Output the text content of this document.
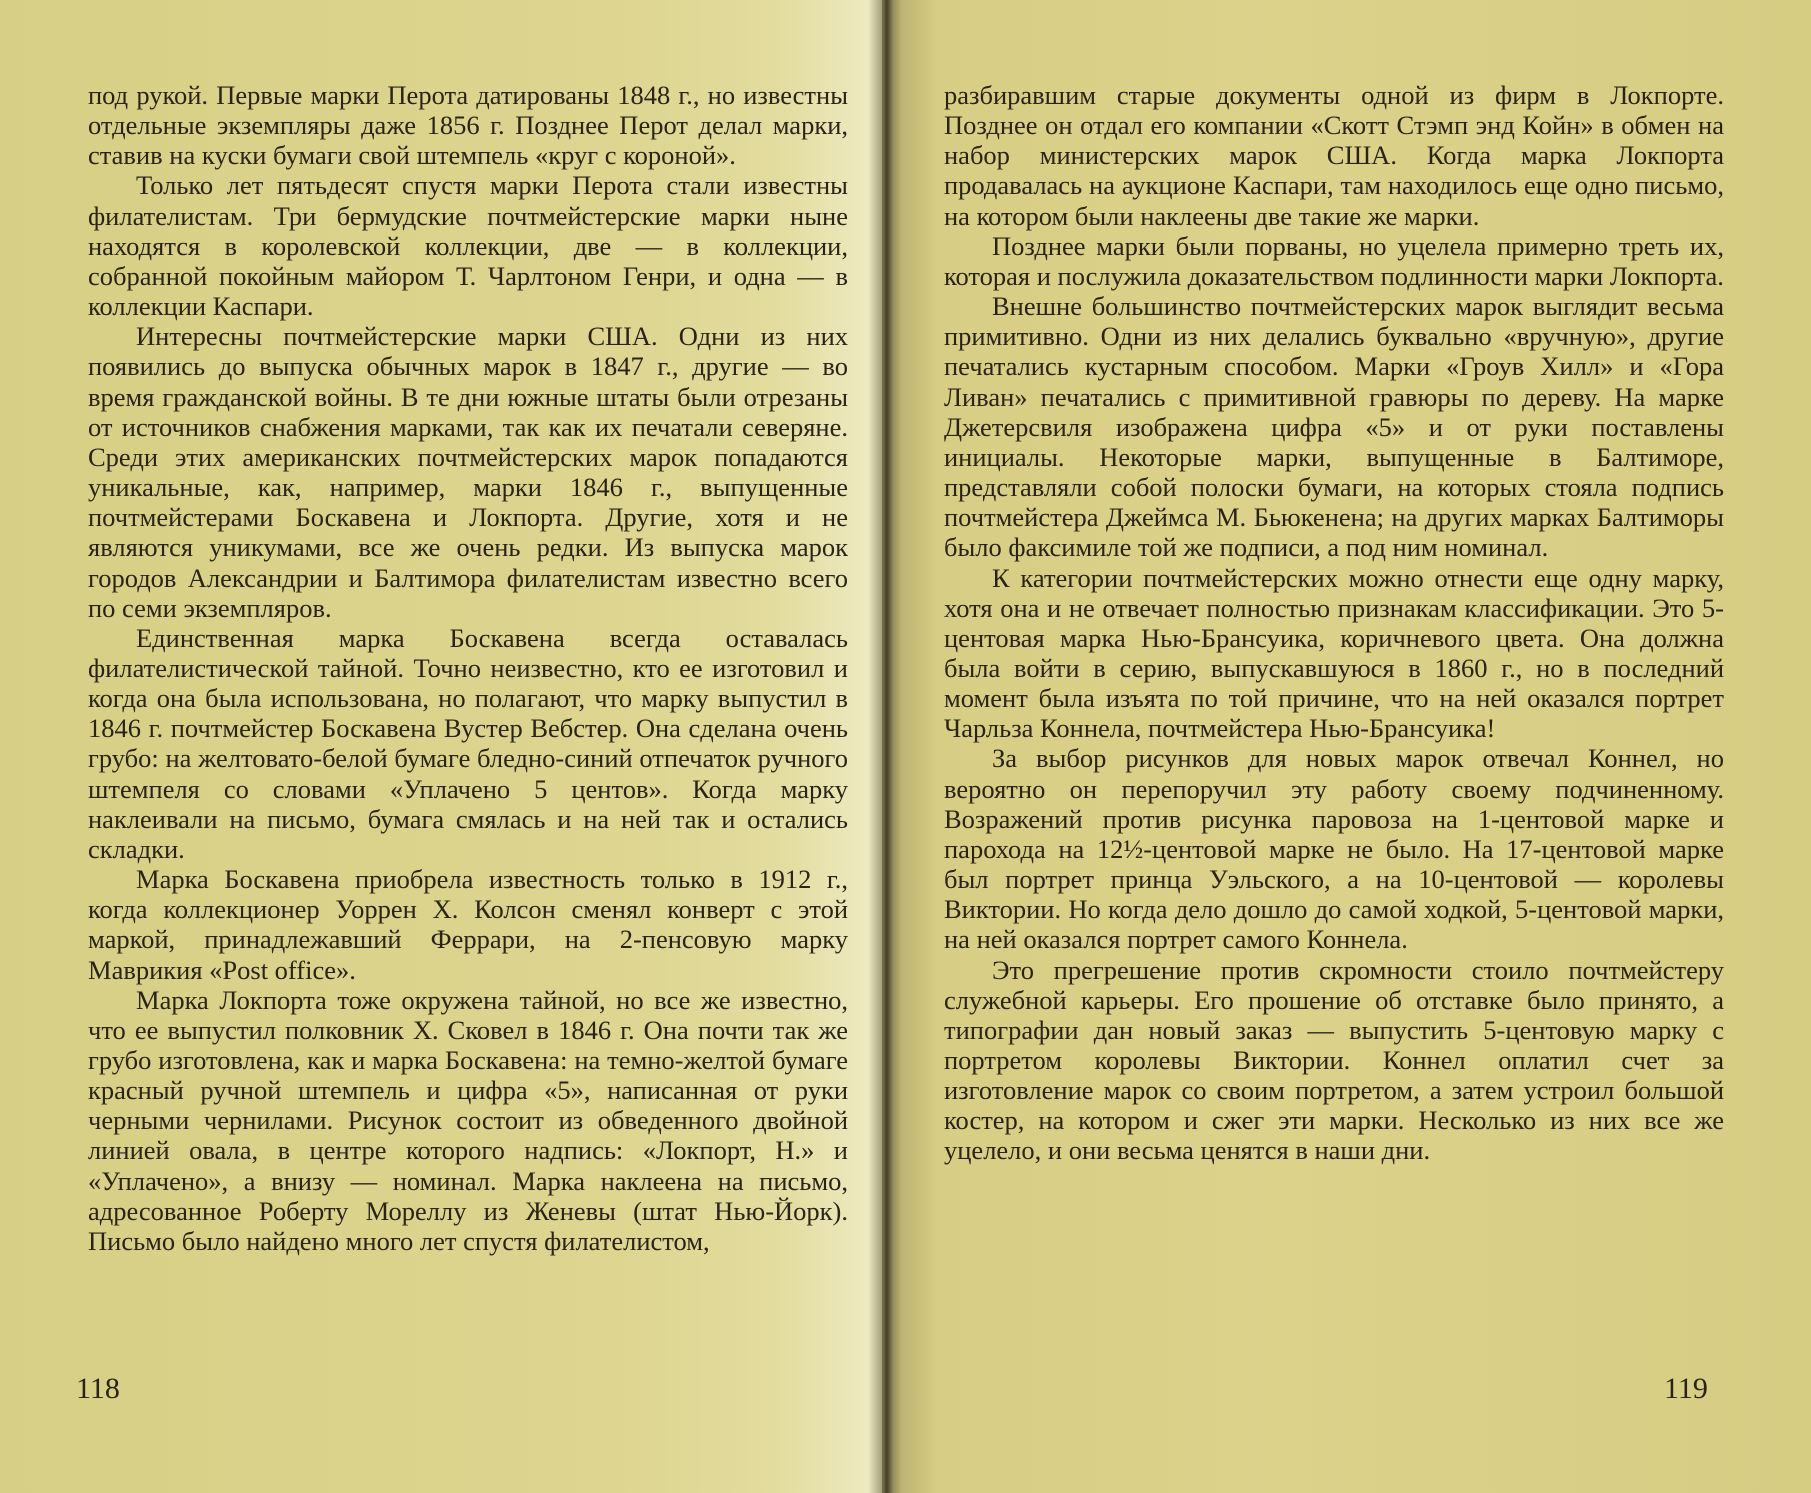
под рукой. Первые марки Перота датированы 1848 г., но известны отдельные экземпляры даже 1856 г. Позднее Перот делал марки, ставив на куски бумаги свой штемпель «круг с короной».

Только лет пятьдесят спустя марки Перота стали известны филателистам. Три бермудские почтмейстерские марки ныне находятся в королевской коллекции, две — в коллекции, собранной покойным майором Т. Чарлтоном Генри, и одна — в коллекции Каспари.

Интересны почтмейстерские марки США. Одни из них появились до выпуска обычных марок в 1847 г., другие — во время гражданской войны. В те дни южные штаты были отрезаны от источников снабжения марками, так как их печатали северяне. Среди этих американских почтмейстерских марок попадаются уникальные, как, например, марки 1846 г., выпущенные почтмейстерами Боскавена и Локпорта. Другие, хотя и не являются уникумами, все же очень редки. Из выпуска марок городов Александрии и Балтимора филателистам известно всего по семи экземпляров.

Единственная марка Боскавена всегда оставалась филателистической тайной. Точно неизвестно, кто ее изготовил и когда она была использована, но полагают, что марку выпустил в 1846 г. почтмейстер Боскавена Вустер Вебстер. Она сделана очень грубо: на желтовато-белой бумаге бледно-синий отпечаток ручного штемпеля со словами «Уплачено 5 центов». Когда марку наклеивали на письмо, бумага смялась и на ней так и остались складки.

Марка Боскавена приобрела известность только в 1912 г., когда коллекционер Уоррен Х. Колсон сменял конверт с этой маркой, принадлежавший Феррари, на 2-пенсовую марку Маврикия «Post office».

Марка Локпорта тоже окружена тайной, но все же известно, что ее выпустил полковник Х. Сковел в 1846 г. Она почти так же грубо изготовлена, как и марка Боскавена: на темно-желтой бумаге красный ручной штемпель и цифра «5», написанная от руки черными чернилами. Рисунок состоит из обведенного двойной линией овала, в центре которого надпись: «Локпорт, Н.» и «Уплачено», а внизу — номинал. Марка наклеена на письмо, адресованное Роберту Мореллу из Женевы (штат Нью-Йорк). Письмо было найдено много лет спустя филателистом,

118

разбиравшим старые документы одной из фирм в Локпорте. Позднее он отдал его компании «Скотт Стэмп энд Койн» в обмен на набор министерских марок США. Когда марка Локпорта продавалась на аукционе Каспари, там находилось еще одно письмо, на котором были наклеены две такие же марки.

Позднее марки были порваны, но уцелела примерно треть их, которая и послужила доказательством подлинности марки Локпорта.

Внешне большинство почтмейстерских марок выглядит весьма примитивно. Одни из них делались буквально «вручную», другие печатались кустарным способом. Марки «Гроув Хилл» и «Гора Ливан» печатались с примитивной гравюры по дереву. На марке Джетерсвиля изображена цифра «5» и от руки поставлены инициалы. Некоторые марки, выпущенные в Балтиморе, представляли собой полоски бумаги, на которых стояла подпись почтмейстера Джеймса М. Бьюкенена; на других марках Балтиморы было факсимиле той же подписи, а под ним номинал.

К категории почтмейстерских можно отнести еще одну марку, хотя она и не отвечает полностью признакам классификации. Это 5-центовая марка Нью-Брансуика, коричневого цвета. Она должна была войти в серию, выпускавшуюся в 1860 г., но в последний момент была изъята по той причине, что на ней оказался портрет Чарльза Коннела, почтмейстера Нью-Брансуика!

За выбор рисунков для новых марок отвечал Коннел, но вероятно он перепоручил эту работу своему подчиненному. Возражений против рисунка паровоза на 1-центовой марке и парохода на 12½-центовой марке не было. На 17-центовой марке был портрет принца Уэльского, а на 10-центовой — королевы Виктории. Но когда дело дошло до самой ходкой, 5-центовой марки, на ней оказался портрет самого Коннела.

Это прегрешение против скромности стоило почтмейстеру служебной карьеры. Его прошение об отставке было принято, а типографии дан новый заказ — выпустить 5-центовую марку с портретом королевы Виктории. Коннел оплатил счет за изготовление марок со своим портретом, а затем устроил большой костер, на котором и сжег эти марки. Несколько из них все же уцелело, и они весьма ценятся в наши дни.

119
